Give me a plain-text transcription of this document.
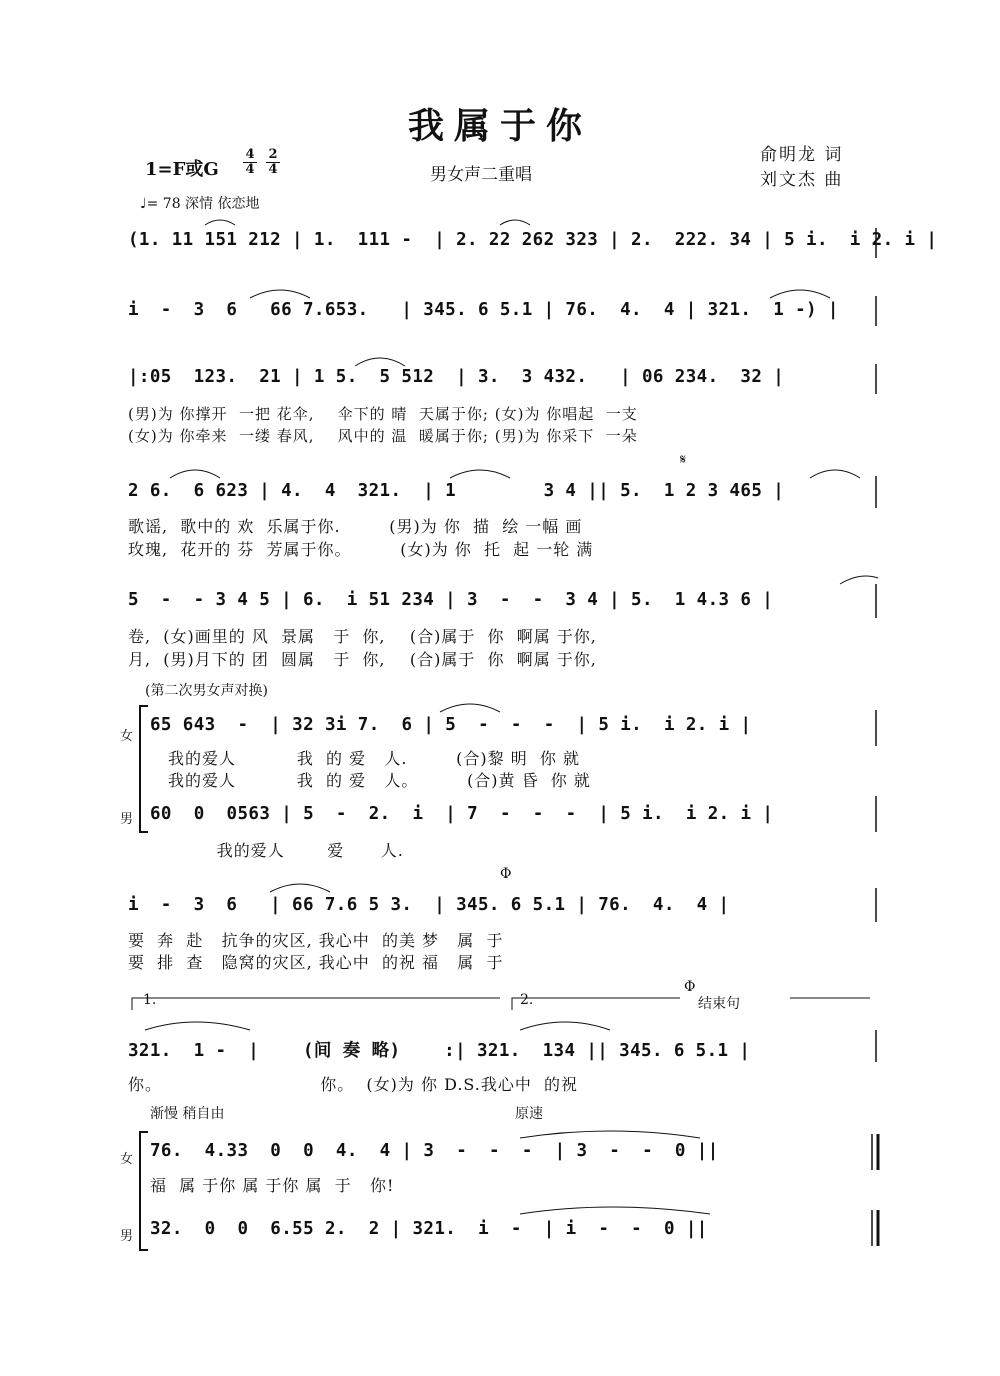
我属于你
男女声二重唱
俞明龙 词
刘文杰 曲
1=F或G
4
4
2
4
♩= 78 深情 依恋地
(1. 11 151 212 | 1.  111 -  | 2. 22 262 323 | 2.  222. 34 | 5 i.  i 2. i |
i  -  3  6   66 7.653.   | 345. 6 5.1 | 76.  4.  4 | 321.  1 -) |
|:05  123.  21 | 1 5.  5 512  | 3.  3 432.   | 06 234.  32 |
(男)为 你撑开  一把 花伞,    伞下的 晴  天属于你; (女)为 你唱起  一支
(女)为 你牵来  一缕 春风,    风中的 温  暖属于你; (男)为 你采下  一朵
2 6.  6 623 | 4.  4  321.  | 1        3 4 || 5.  1 2 3 465 |
𝄋
歌谣,  歌中的 欢  乐属于你.        (男)为 你  描  绘 一幅 画
玫瑰,  花开的 芬  芳属于你。        (女)为 你  托  起 一轮 满
5  -  - 3 4 5 | 6.  i 51 234 | 3  -  -  3 4 | 5.  1 4.3 6 |
卷,  (女)画里的 风  景属   于  你,    (合)属于  你  啊属 于你,
月,  (男)月下的 团  圆属   于  你,    (合)属于  你  啊属 于你,
(第二次男女声对换)
女
65 643  -  | 32 3i 7.  6 | 5  -  -  -  | 5 i.  i 2. i |
我的爱人          我  的 爱   人.        (合)黎 明  你 就
我的爱人          我  的 爱   人。        (合)黄 昏  你 就
男 60  0  0563 | 5  -  2.  i  | 7  -  -  -  | 5 i.  i 2. i |
我的爱人       爱      人.
Φ
i  -  3  6   | 66 7.6 5 3.  | 345. 6 5.1 | 76.  4.  4 |
要  奔  赴   抗争的灾区, 我心中  的美 梦   属  于
要  排  查   隐窝的灾区, 我心中  的祝 福   属  于
1.	2.
Φ
结束句
321.  1 -  |    (间 奏 略)    :| 321.  134 || 345. 6 5.1 |
你。                          你。  (女)为 你 D.S.我心中  的祝
渐慢 稍自由	原速
女 76.  4.33  0  0  4.  4 | 3  -  -  -  | 3  -  -  0 ||
福  属 于你 属 于你 属  于   你!
男 32.  0  0  6.55 2.  2 | 321.  i  -  | i  -  -  0 ||
